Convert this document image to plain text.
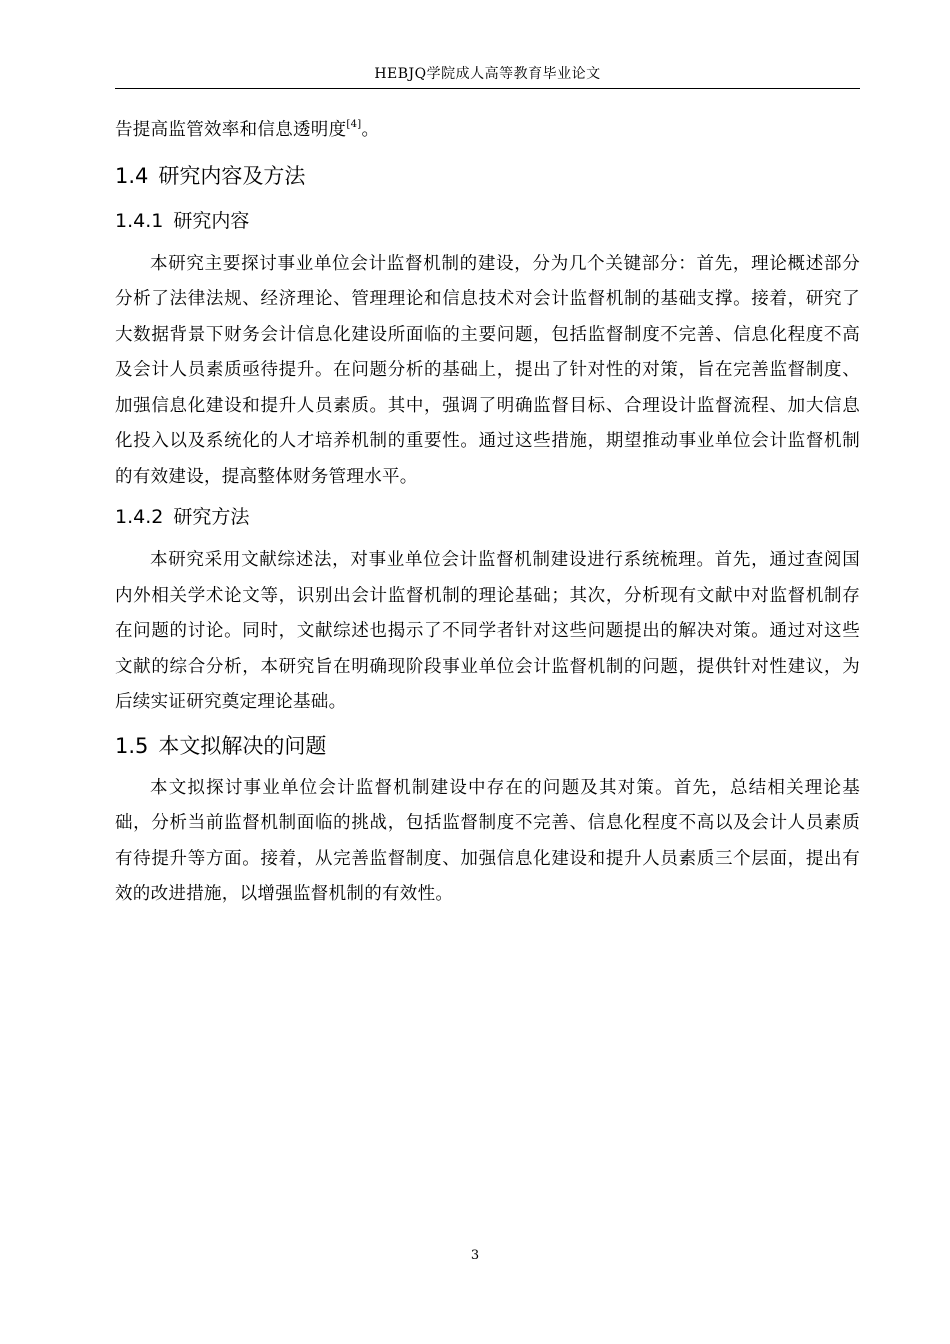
HEBJQ学院成人高等教育毕业论文

告提高监管效率和信息透明度[4]。

1.4 研究内容及方法
1.4.1 研究内容

本研究主要探讨事业单位会计监督机制的建设，分为几个关键部分：首先，理论概述部分分析了法律法规、经济理论、管理理论和信息技术对会计监督机制的基础支撑。接着，研究了大数据背景下财务会计信息化建设所面临的主要问题，包括监督制度不完善、信息化程度不高及会计人员素质亟待提升。在问题分析的基础上，提出了针对性的对策，旨在完善监督制度、加强信息化建设和提升人员素质。其中，强调了明确监督目标、合理设计监督流程、加大信息化投入以及系统化的人才培养机制的重要性。通过这些措施，期望推动事业单位会计监督机制的有效建设，提高整体财务管理水平。

1.4.2 研究方法

本研究采用文献综述法，对事业单位会计监督机制建设进行系统梳理。首先，通过查阅国内外相关学术论文等，识别出会计监督机制的理论基础；其次，分析现有文献中对监督机制存在问题的讨论。同时，文献综述也揭示了不同学者针对这些问题提出的解决对策。通过对这些文献的综合分析，本研究旨在明确现阶段事业单位会计监督机制的问题，提供针对性建议，为后续实证研究奠定理论基础。

1.5 本文拟解决的问题

本文拟探讨事业单位会计监督机制建设中存在的问题及其对策。首先，总结相关理论基础，分析当前监督机制面临的挑战，包括监督制度不完善、信息化程度不高以及会计人员素质有待提升等方面。接着，从完善监督制度、加强信息化建设和提升人员素质三个层面，提出有效的改进措施，以增强监督机制的有效性。

3
